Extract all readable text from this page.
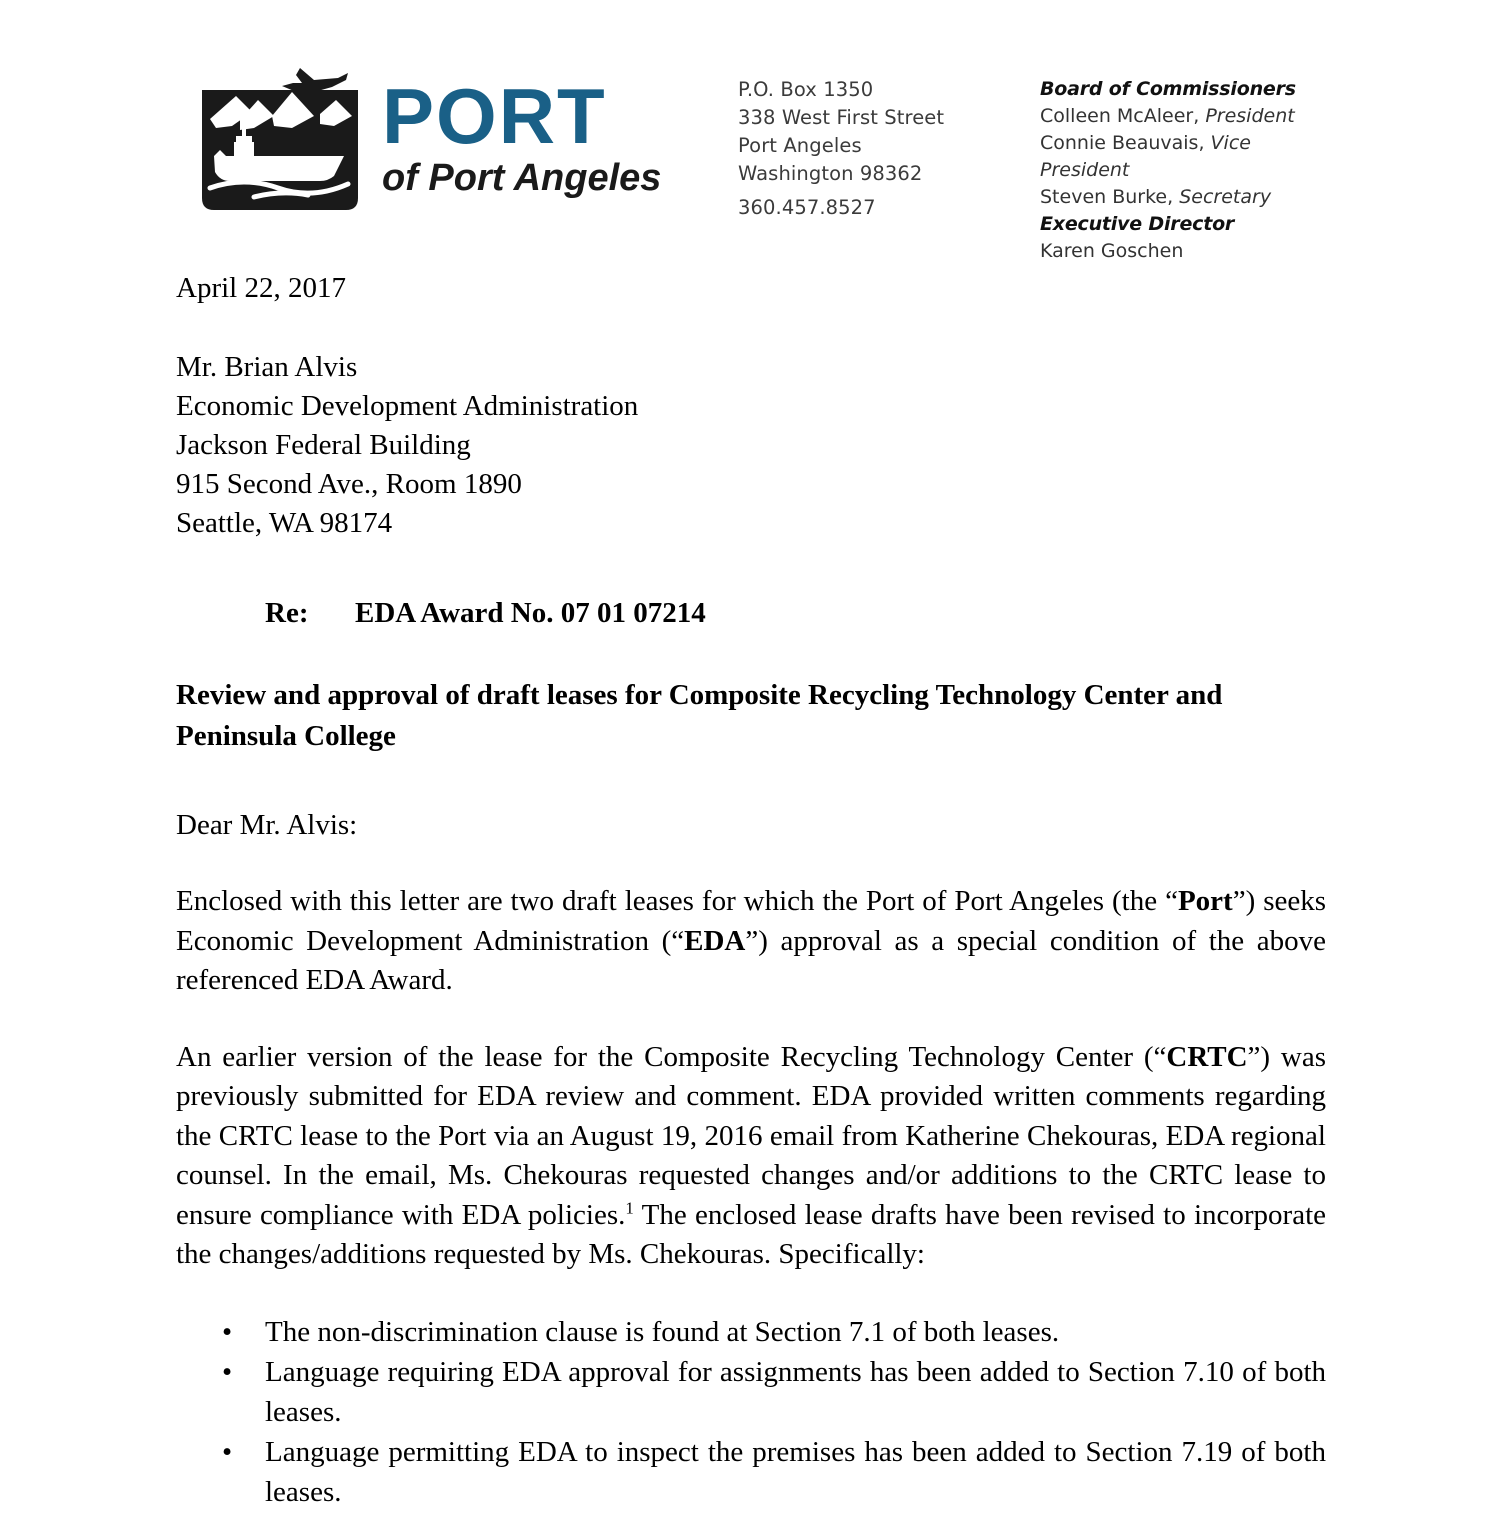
PORT
of Port Angeles
P.O. Box 1350
338 West First Street
Port Angeles
Washington 98362
360.457.8527
Board of Commissioners
Colleen McAleer, President
Connie Beauvais, Vice President
Steven Burke, Secretary
Executive Director
Karen Goschen
April 22, 2017
Mr. Brian Alvis
Economic Development Administration
Jackson Federal Building
915 Second Ave., Room 1890
Seattle, WA 98174
Re: EDA Award No. 07 01 07214
Review and approval of draft leases for Composite Recycling Technology Center and Peninsula College
Dear Mr. Alvis:

Enclosed with this letter are two draft leases for which the Port of Port Angeles (the “Port”) seeks Economic Development Administration (“EDA”) approval as a special condition of the above referenced EDA Award.

An earlier version of the lease for the Composite Recycling Technology Center (“CRTC”) was previously submitted for EDA review and comment. EDA provided written comments regarding the CRTC lease to the Port via an August 19, 2016 email from Katherine Chekouras, EDA regional counsel. In the email, Ms. Chekouras requested changes and/or additions to the CRTC lease to ensure compliance with EDA policies.$^1$ The enclosed lease drafts have been revised to incorporate the changes/additions requested by Ms. Chekouras. Specifically:

• The non-discrimination clause is found at Section 7.1 of both leases.
• Language requiring EDA approval for assignments has been added to Section 7.10 of both leases.
• Language permitting EDA to inspect the premises has been added to Section 7.19 of both leases.
